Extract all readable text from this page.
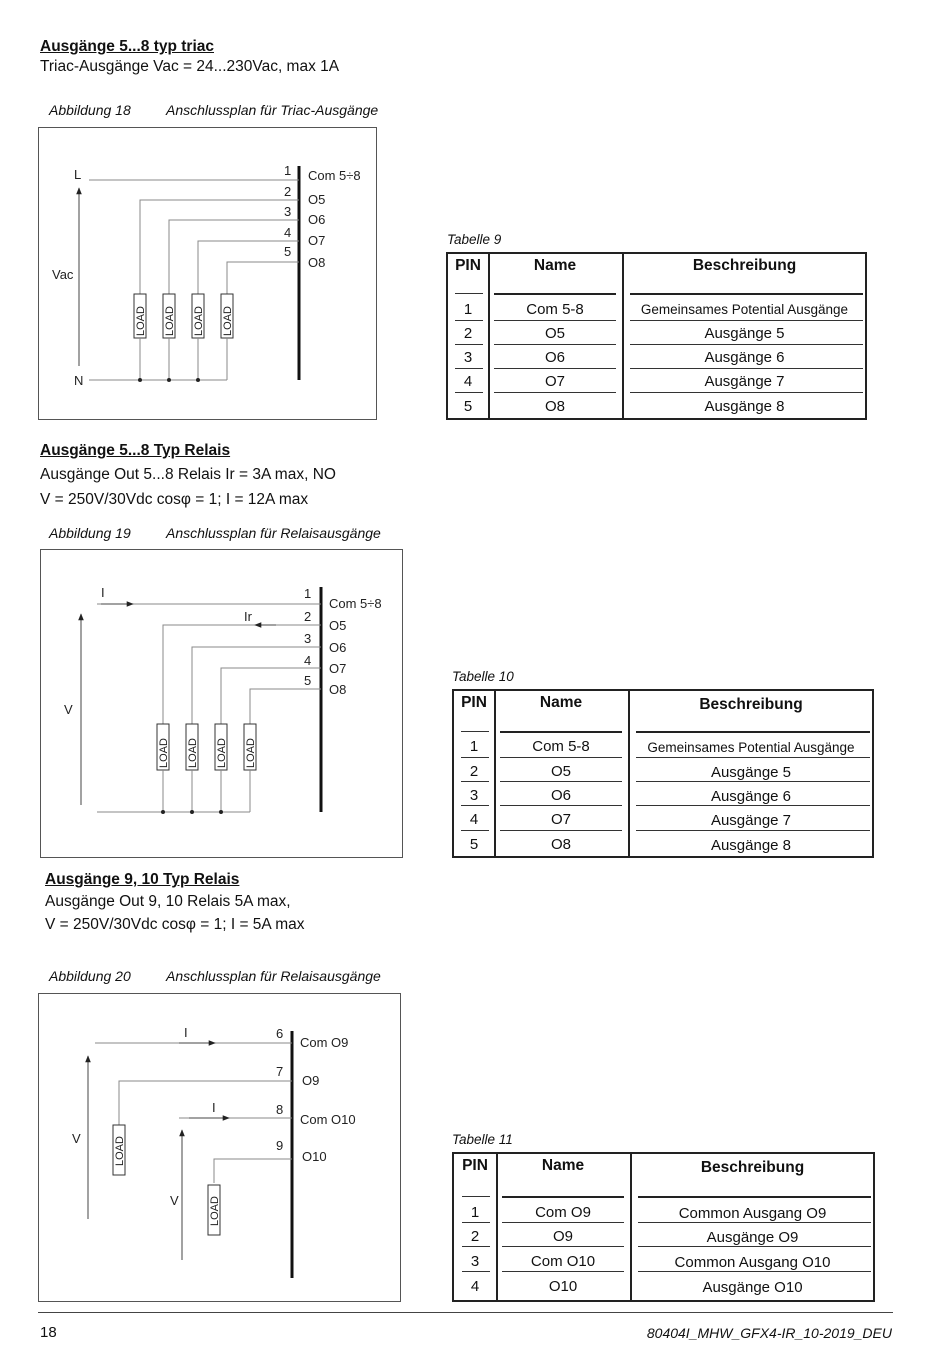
Ausgänge 5...8 typ triac
Triac-Ausgänge Vac = 24...230Vac, max 1A
Abbildung 18	Anschlussplan für Triac-Ausgänge
LOAD LOAD LOAD LOAD
L
Vac
N
1
2
3
4
5
Com 5÷8
O5
O6
O7
O8
Tabelle 9
PIN	Name	Beschreibung
1	Com 5-8	Gemeinsames Potential Ausgänge
2	O5	Ausgänge 5
3	O6	Ausgänge 6
4	O7	Ausgänge 7
5	O8	Ausgänge 8
Ausgänge 5...8 Typ Relais
Ausgänge Out 5...8 Relais Ir = 3A max, NO
V = 250V/30Vdc cosφ = 1; I = 12A max
Abbildung 19	Anschlussplan für Relaisausgänge
LOAD LOAD LOAD LOAD
I
Ir
V
1
2
3
4
5
Com 5÷8
O5
O6
O7
O8
Tabelle 10
PIN	Name	Beschreibung
1	Com 5-8	Gemeinsames Potential Ausgänge
2	O5	Ausgänge 5
3	O6	Ausgänge 6
4	O7	Ausgänge 7
5	O8	Ausgänge 8
Ausgänge 9, 10 Typ Relais
Ausgänge Out 9, 10 Relais 5A max,
V = 250V/30Vdc cosφ = 1; I = 5A max
Abbildung 20	Anschlussplan für Relaisausgänge
LOAD
LOAD
I
I
V
V
6
7
8
9
Com O9
O9
Com O10
O10
Tabelle 11
PIN	Name	Beschreibung
1	Com O9	Common Ausgang O9
2	O9	Ausgänge O9
3	Com O10	Common Ausgang O10
4	O10	Ausgänge O10
18	80404I_MHW_GFX4-IR_10-2019_DEU
